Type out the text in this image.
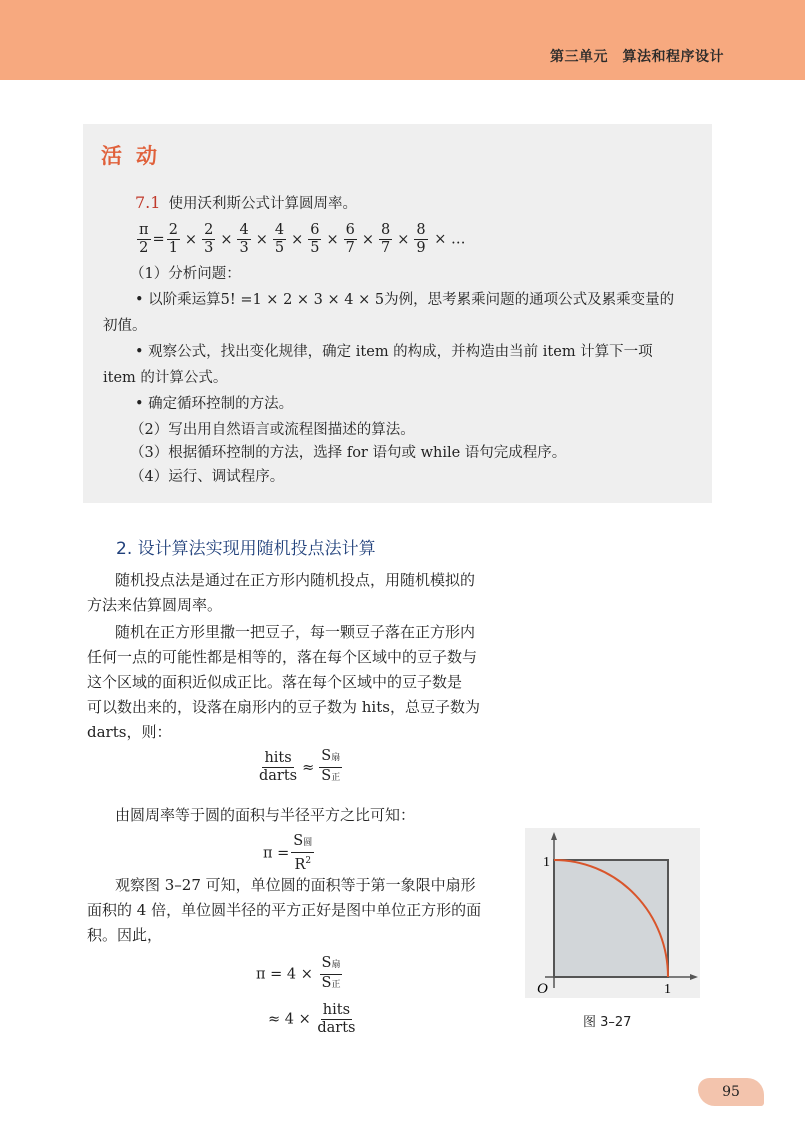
第三单元　算法和程序设计
活动
7.1 使用沃利斯公式计算圆周率。
$\frac{\pi}{2} = \frac{2}{1} \times \frac{2}{3} \times \frac{4}{3} \times \frac{4}{5} \times \frac{6}{5} \times \frac{6}{7} \times \frac{8}{7} \times \frac{8}{9}$ × …
（1）分析问题：
• 以阶乘运算5! =1 × 2 × 3 × 4 × 5为例，思考累乘问题的通项公式及累乘变量的
初值。
• 观察公式，找出变化规律，确定 item 的构成，并构造由当前 item 计算下一项
item 的计算公式。
• 确定循环控制的方法。
（2）写出用自然语言或流程图描述的算法。
（3）根据循环控制的方法，选择 for 语句或 while 语句完成程序。
（4）运行、调试程序。
2. 设计算法实现用随机投点法计算
随机投点法是通过在正方形内随机投点，用随机模拟的
方法来估算圆周率。
随机在正方形里撒一把豆子，每一颗豆子落在正方形内
任何一点的可能性都是相等的，落在每个区域中的豆子数与
这个区域的面积近似成正比。落在每个区域中的豆子数是
可以数出来的，设落在扇形内的豆子数为 hits，总豆子数为
darts，则：
由圆周率等于圆的面积与半径平方之比可知：
观察图 3–27 可知，单位圆的面积等于第一象限中扇形
面积的 4 倍，单位圆半径的平方正好是图中单位正方形的面
积。因此，
$\frac{\text{hits}}{\text{darts}} \approx \frac{\text{S扇}}{\text{S正}}$
$\pi = \frac{\text{S圆}}{R^2}$
$\pi = 4 \times \frac{\text{S扇}}{\text{S正}}$
≈ $4 \times \frac{\text{hits}}{\text{darts}}$
1
1
O
图 3–27
95
